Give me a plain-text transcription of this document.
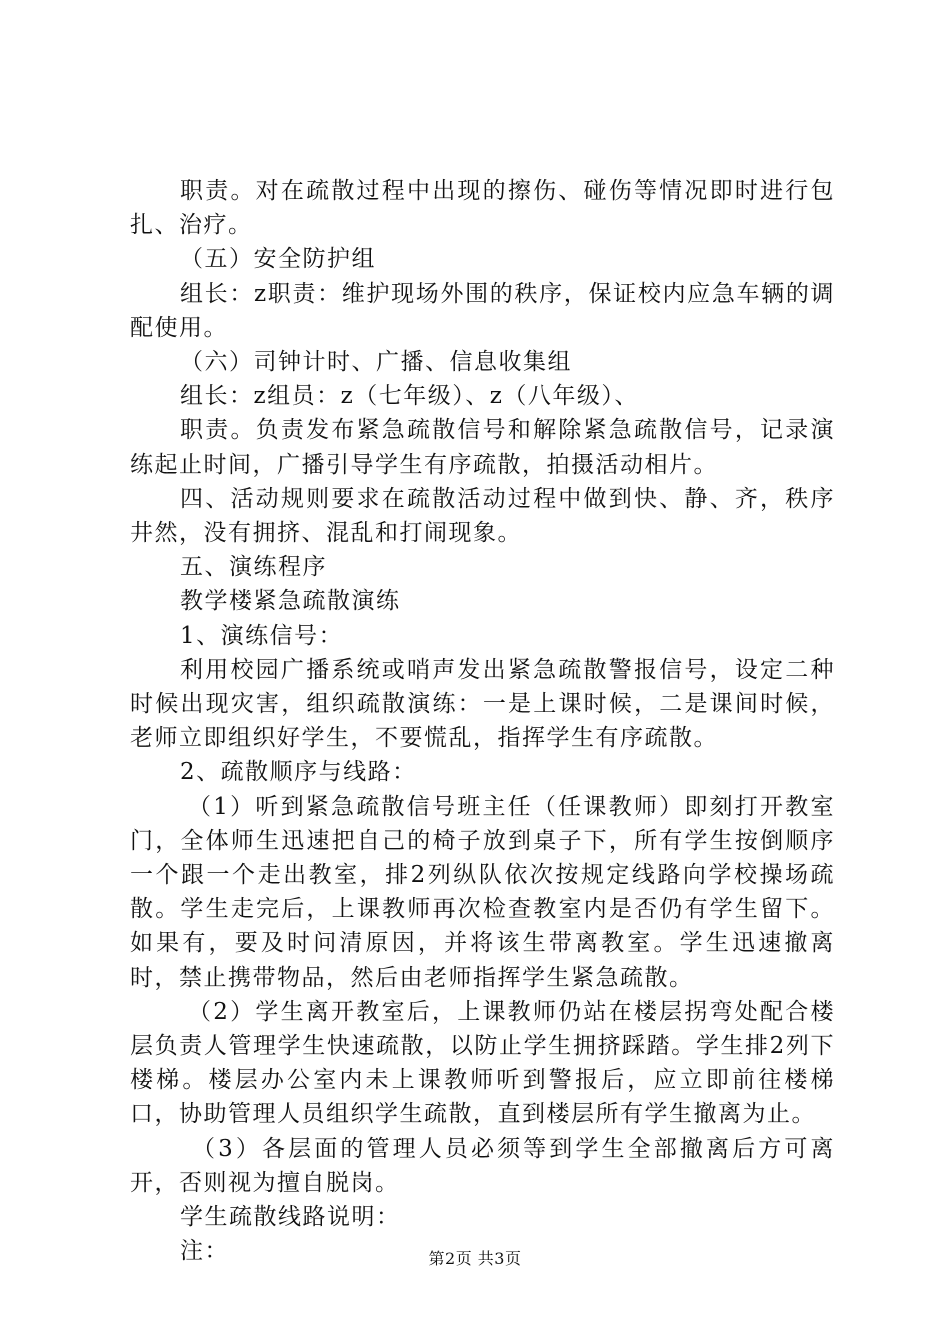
职责。对在疏散过程中出现的擦伤、碰伤等情况即时进行包扎、治疗。

（五）安全防护组

组长：z职责：维护现场外围的秩序，保证校内应急车辆的调配使用。

（六）司钟计时、广播、信息收集组

组长：z组员：z（七年级）、z（八年级）、

职责。负责发布紧急疏散信号和解除紧急疏散信号，记录演练起止时间，广播引导学生有序疏散，拍摄活动相片。

四、活动规则要求在疏散活动过程中做到快、静、齐，秩序井然，没有拥挤、混乱和打闹现象。

五、演练程序

教学楼紧急疏散演练

1、演练信号：

利用校园广播系统或哨声发出紧急疏散警报信号，设定二种时候出现灾害，组织疏散演练：一是上课时候，二是课间时候，老师立即组织好学生，不要慌乱，指挥学生有序疏散。

2、疏散顺序与线路：

（1）听到紧急疏散信号班主任（任课教师）即刻打开教室门，全体师生迅速把自己的椅子放到桌子下，所有学生按倒顺序一个跟一个走出教室，排2列纵队依次按规定线路向学校操场疏散。学生走完后，上课教师再次检查教室内是否仍有学生留下。如果有，要及时问清原因，并将该生带离教室。学生迅速撤离时，禁止携带物品，然后由老师指挥学生紧急疏散。

（2）学生离开教室后，上课教师仍站在楼层拐弯处配合楼层负责人管理学生快速疏散，以防止学生拥挤踩踏。学生排2列下楼梯。楼层办公室内未上课教师听到警报后，应立即前往楼梯口，协助管理人员组织学生疏散，直到楼层所有学生撤离为止。

（3）各层面的管理人员必须等到学生全部撤离后方可离开，否则视为擅自脱岗。

学生疏散线路说明：

注：	第2页 共3页
